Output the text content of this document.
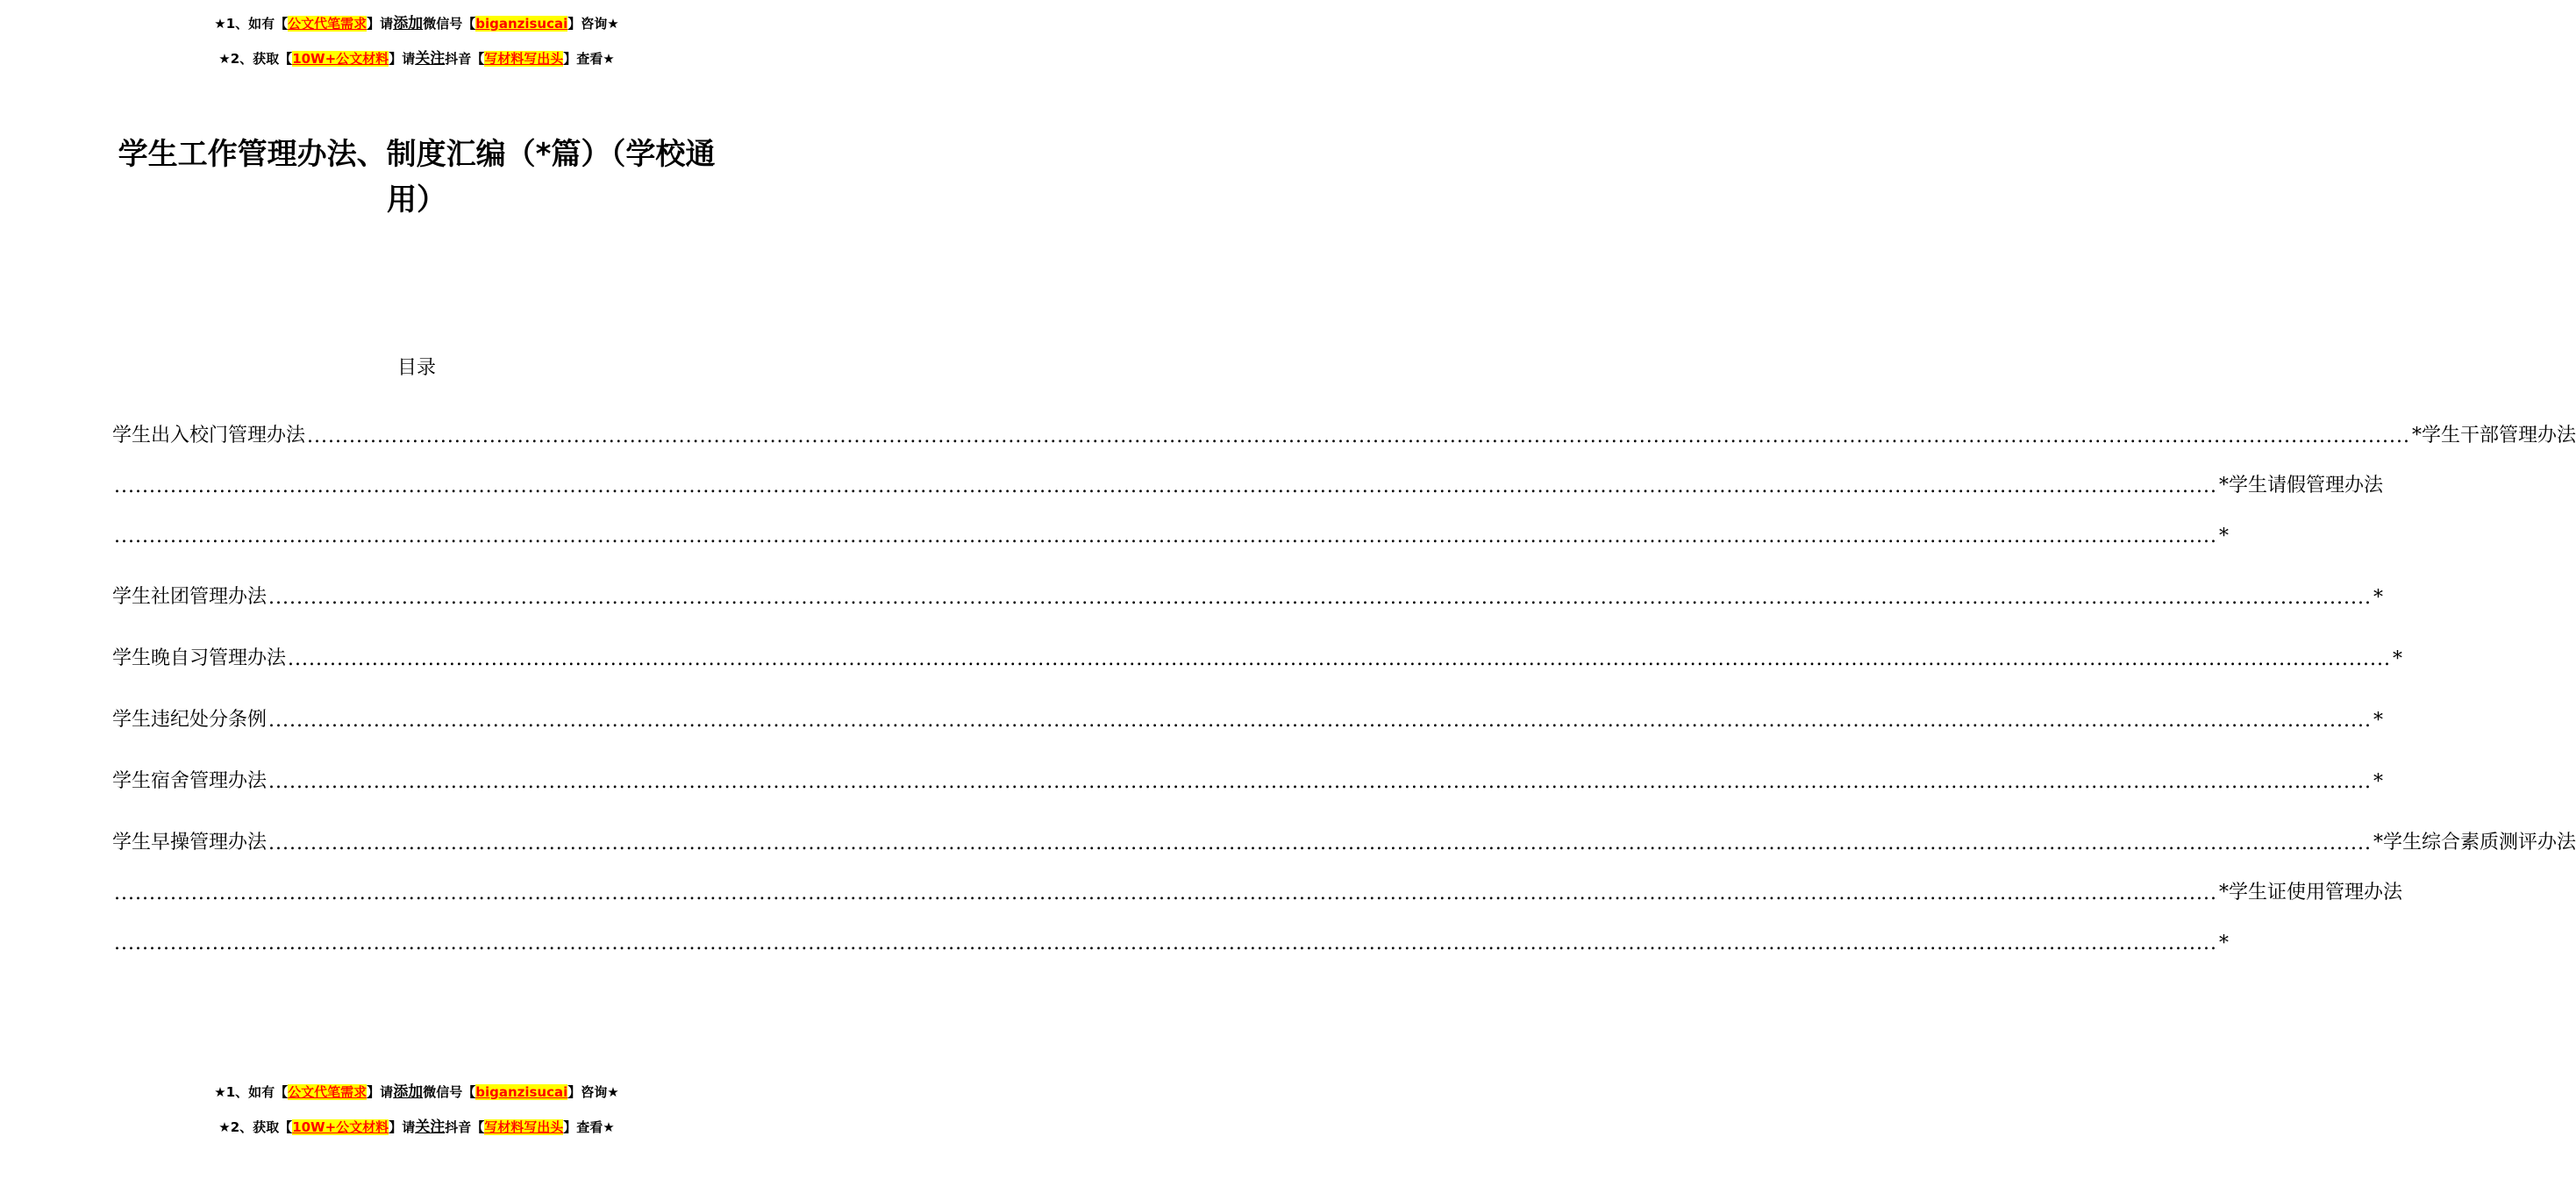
★1、如有【公文代笔需求】请添加微信号【biganzisucai】咨询★
★2、获取【10W+公文材料】请关注抖音【写材料写出头】查看★
学生工作管理办法、制度汇编（*篇）（学校通用）
目录
学生出入校门管理办法 ............................................................................................................................................................................................................................................................................................................ *学生干部管理办法
............................................................................................................................................................................................................................................................................................................ *学生请假管理办法
............................................................................................................................................................................................................................................................................................................ *
学生社团管理办法 ............................................................................................................................................................................................................................................................................................................ *
学生晚自习管理办法 ............................................................................................................................................................................................................................................................................................................ *
学生违纪处分条例 ............................................................................................................................................................................................................................................................................................................ *
学生宿舍管理办法 ............................................................................................................................................................................................................................................................................................................ *
学生早操管理办法 ............................................................................................................................................................................................................................................................................................................ *学生综合素质测评办法
............................................................................................................................................................................................................................................................................................................ *学生证使用管理办法
............................................................................................................................................................................................................................................................................................................ *
★1、如有【公文代笔需求】请添加微信号【biganzisucai】咨询★
★2、获取【10W+公文材料】请关注抖音【写材料写出头】查看★
